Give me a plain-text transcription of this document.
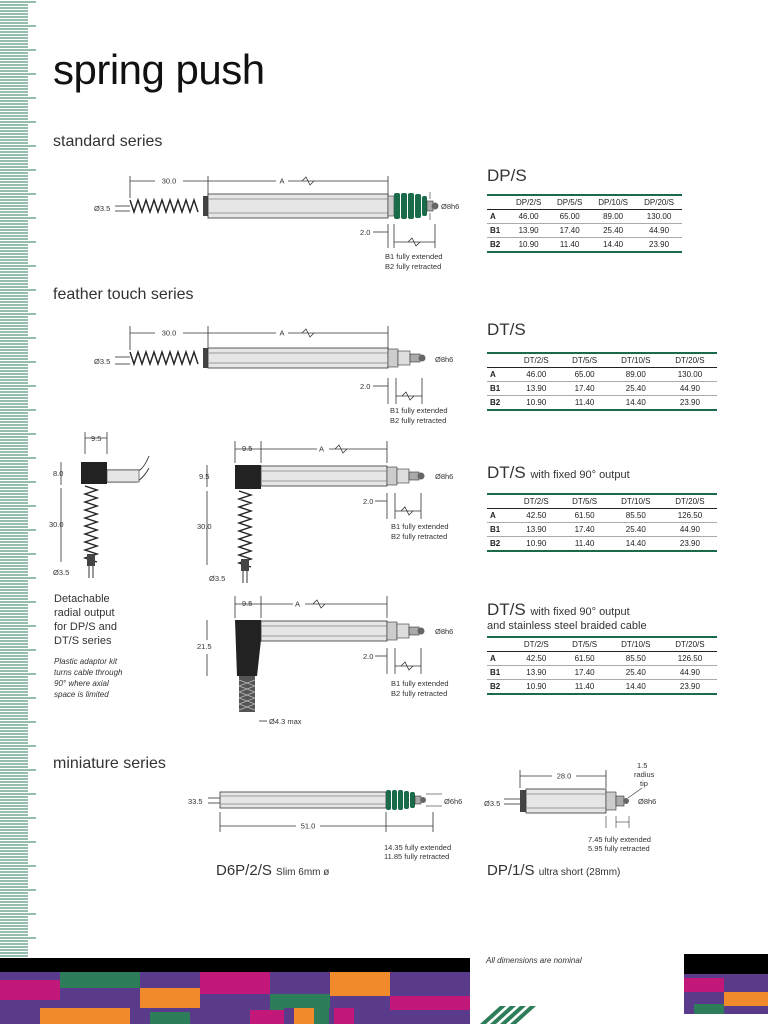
spring push
standard series
feather touch series
miniature series
30.0	A
Ø3.5	Ø8h6
2.0
B1 fully extended
B2 fully retracted
30.0	A
Ø3.5	Ø8h6
2.0
B1 fully extended
B2 fully retracted
9.5
8.0
30.0
Ø3.5
9.5	A
9.5
30.0
Ø8h6
Ø3.5
2.0
B1 fully extended
B2 fully retracted
9.5	A
21.5
Ø8h6
Ø4.3 max
2.0
B1 fully extended
B2 fully retracted
Detachable
radial output
for DP/S and
DT/S series
Plastic adaptor kit
turns cable through
90° where axial
space is limited
DP/S
	DP/2/S	DP/5/S	DP/10/S	DP/20/S
A	46.00	65.00	89.00	130.00
B1	13.90	17.40	25.40	44.90
B2	10.90	11.40	14.40	23.90
DT/S
	DT/2/S	DT/5/S	DT/10/S	DT/20/S
A	46.00	65.00	89.00	130.00
B1	13.90	17.40	25.40	44.90
B2	10.90	11.40	14.40	23.90
DT/S with fixed 90° output
	DT/2/S	DT/5/S	DT/10/S	DT/20/S
A	42.50	61.50	85.50	126.50
B1	13.90	17.40	25.40	44.90
B2	10.90	11.40	14.40	23.90
DT/S with fixed 90° output
and stainless steel braided cable
	DT/2/S	DT/5/S	DT/10/S	DT/20/S
A	42.50	61.50	85.50	126.50
B1	13.90	17.40	25.40	44.90
B2	10.90	11.40	14.40	23.90
33.5	Ø6h6
51.0
14.35 fully extended
11.85 fully retracted
D6P/2/S Slim 6mm ø
1.5
radius
tip
28.0
Ø3.5	Ø8h6
7.45 fully extended
5.95 fully retracted
DP/1/S ultra short (28mm)
All dimensions are nominal
